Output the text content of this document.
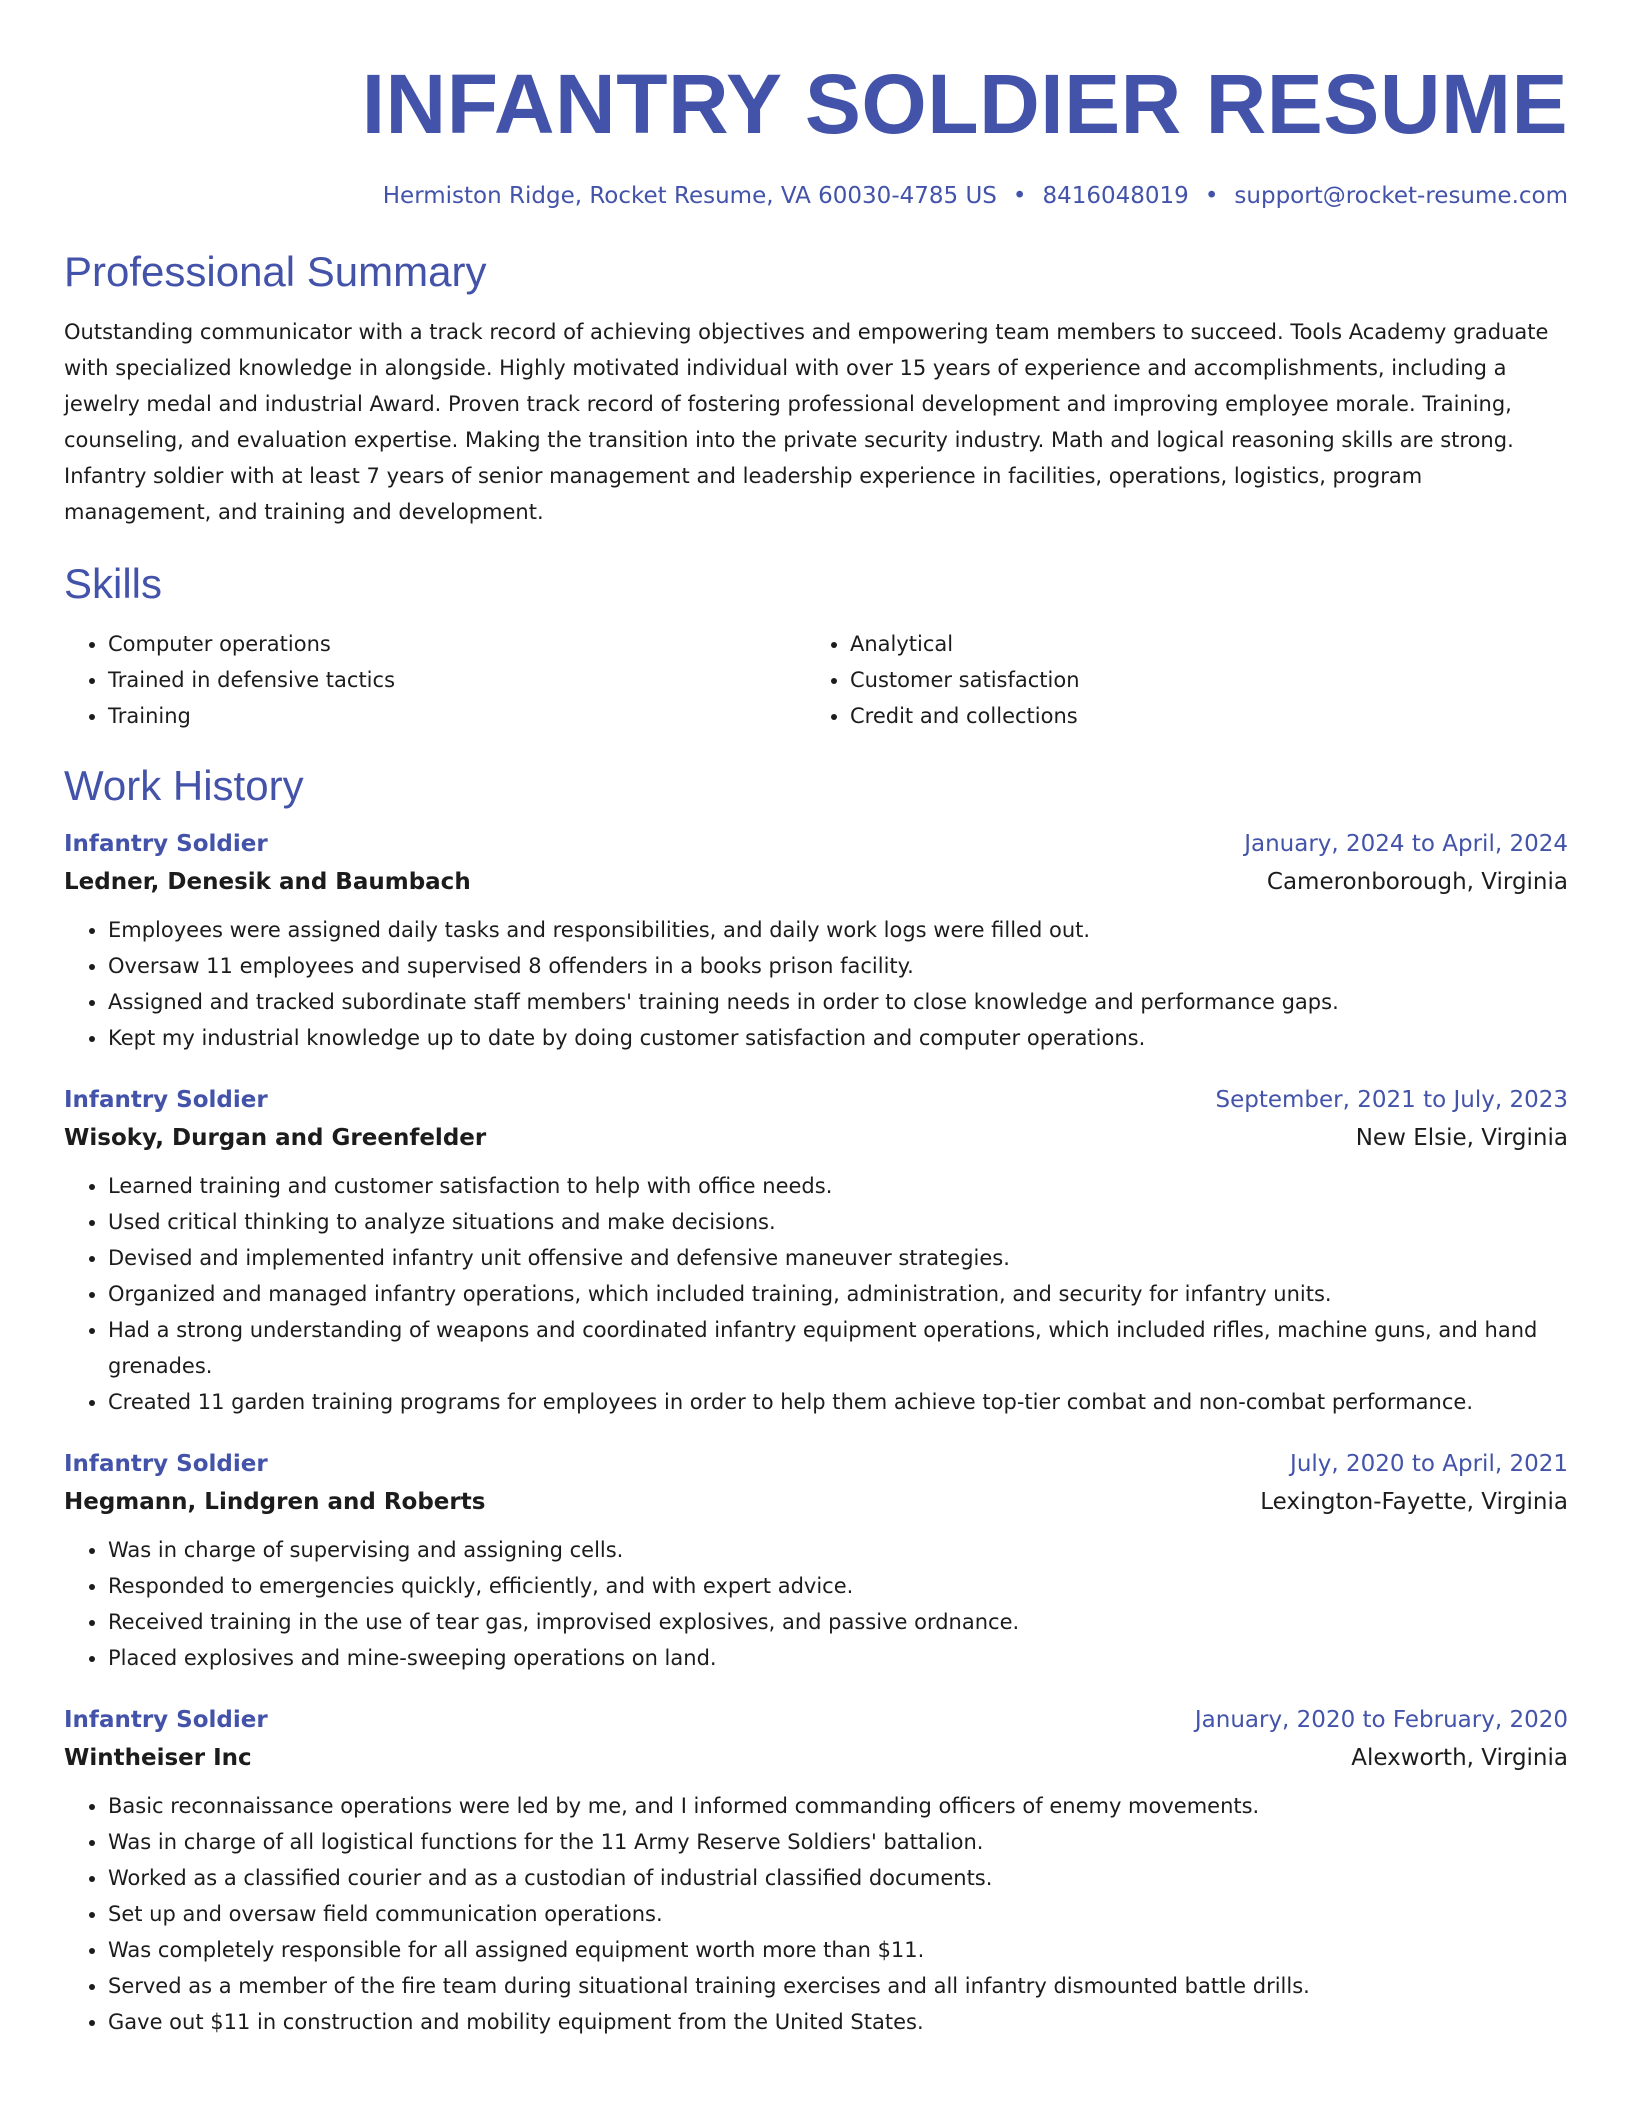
INFANTRY SOLDIER RESUME
Hermiston Ridge, Rocket Resume, VA 60030-4785 US • 8416048019 • support@rocket-resume.com
Professional Summary
Outstanding communicator with a track record of achieving objectives and empowering team members to succeed. Tools Academy graduate with specialized knowledge in alongside. Highly motivated individual with over 15 years of experience and accomplishments, including a jewelry medal and industrial Award. Proven track record of fostering professional development and improving employee morale. Training, counseling, and evaluation expertise. Making the transition into the private security industry. Math and logical reasoning skills are strong. Infantry soldier with at least 7 years of senior management and leadership experience in facilities, operations, logistics, program management, and training and development.
Skills
• Computer operations
• Trained in defensive tactics
• Training
• Analytical
• Customer satisfaction
• Credit and collections
Work History
Infantry Soldier	January, 2024 to April, 2024
Ledner, Denesik and Baumbach	Cameronborough, Virginia
• Employees were assigned daily tasks and responsibilities, and daily work logs were filled out.
• Oversaw 11 employees and supervised 8 offenders in a books prison facility.
• Assigned and tracked subordinate staff members' training needs in order to close knowledge and performance gaps.
• Kept my industrial knowledge up to date by doing customer satisfaction and computer operations.
Infantry Soldier	September, 2021 to July, 2023
Wisoky, Durgan and Greenfelder	New Elsie, Virginia
• Learned training and customer satisfaction to help with office needs.
• Used critical thinking to analyze situations and make decisions.
• Devised and implemented infantry unit offensive and defensive maneuver strategies.
• Organized and managed infantry operations, which included training, administration, and security for infantry units.
• Had a strong understanding of weapons and coordinated infantry equipment operations, which included rifles, machine guns, and hand grenades.
• Created 11 garden training programs for employees in order to help them achieve top-tier combat and non-combat performance.
Infantry Soldier	July, 2020 to April, 2021
Hegmann, Lindgren and Roberts	Lexington-Fayette, Virginia
• Was in charge of supervising and assigning cells.
• Responded to emergencies quickly, efficiently, and with expert advice.
• Received training in the use of tear gas, improvised explosives, and passive ordnance.
• Placed explosives and mine-sweeping operations on land.
Infantry Soldier	January, 2020 to February, 2020
Wintheiser Inc	Alexworth, Virginia
• Basic reconnaissance operations were led by me, and I informed commanding officers of enemy movements.
• Was in charge of all logistical functions for the 11 Army Reserve Soldiers' battalion.
• Worked as a classified courier and as a custodian of industrial classified documents.
• Set up and oversaw field communication operations.
• Was completely responsible for all assigned equipment worth more than $11.
• Served as a member of the fire team during situational training exercises and all infantry dismounted battle drills.
• Gave out $11 in construction and mobility equipment from the United States.
